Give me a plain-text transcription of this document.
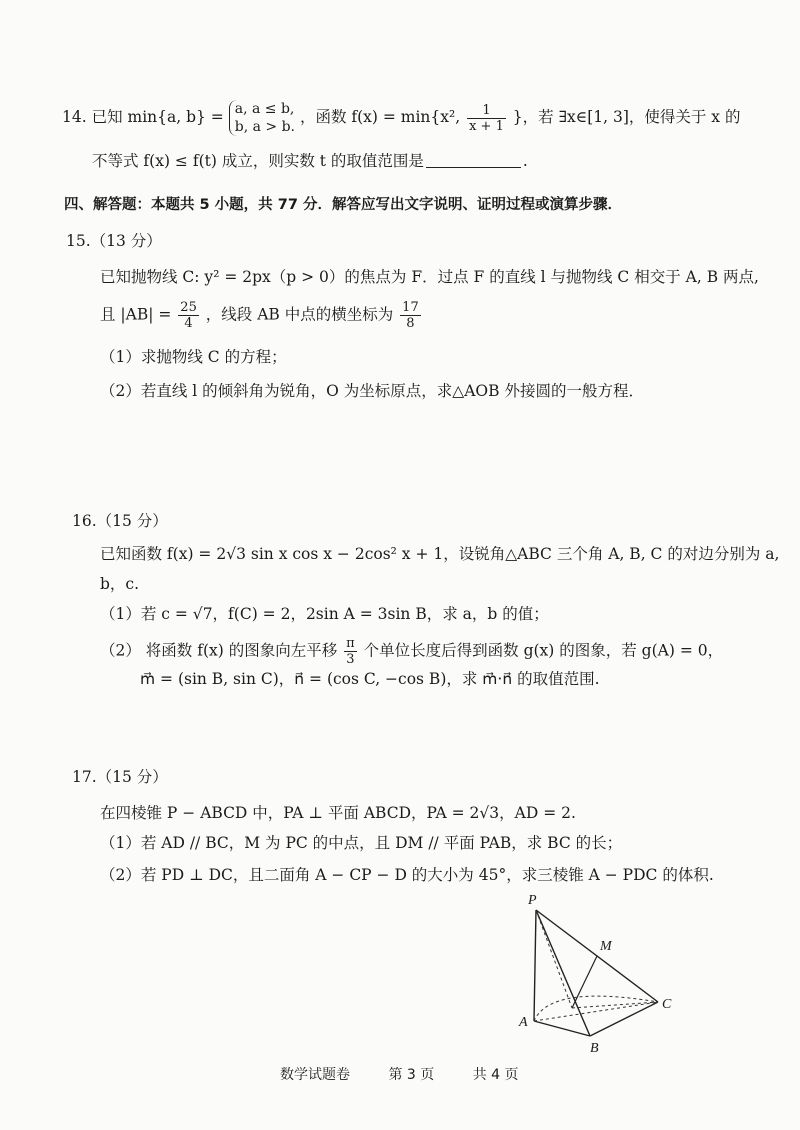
14. 已知 min{a, b} = a, a ≤ b,
b, a > b.
，函数 f(x) = min{x², $\frac{1}{x + 1}$ }，若 ∃x∈[1, 3]，使得关于 x 的
不等式 f(x) ≤ f(t) 成立，则实数 t 的取值范围是	.
四、解答题：本题共 5 小题，共 77 分．解答应写出文字说明、证明过程或演算步骤．
15.（13 分）
已知抛物线 C: y² = 2px（p > 0）的焦点为 F．过点 F 的直线 l 与抛物线 C 相交于 A, B 两点,
且 $|AB| = \frac{25}{4}$ ，线段 AB 中点的横坐标为 $\frac{17}{8}$
（1）求抛物线 C 的方程；
（2）若直线 l 的倾斜角为锐角，O 为坐标原点，求△AOB 外接圆的一般方程．
16.（15 分）
已知函数 f(x) = 2√3 sin x cos x − 2cos² x + 1，设锐角△ABC 三个角 A, B, C 的对边分别为 a,
b，c.
（1）若 c = √7，f(C) = 2，2sin A = 3sin B，求 a，b 的值；
（2） 将函数 f(x) 的图象向左平移 $\frac{\pi}{3}$ 个单位长度后得到函数 g(x) 的图象，若 g(A) = 0，
m⃗ = (sin B, sin C)，n⃗ = (cos C, −cos B)，求 m⃗·n⃗ 的取值范围.
17.（15 分）
在四棱锥 P − ABCD 中，PA ⊥ 平面 ABCD，PA = 2√3，AD = 2.
（1）若 AD // BC，M 为 PC 的中点，且 DM // 平面 PAB，求 BC 的长；
（2）若 PD ⊥ DC，且二面角 A − CP − D 的大小为 45°，求三棱锥 A − PDC 的体积.
P
M
A
B
C
数学试题卷	第 3 页	共 4 页
